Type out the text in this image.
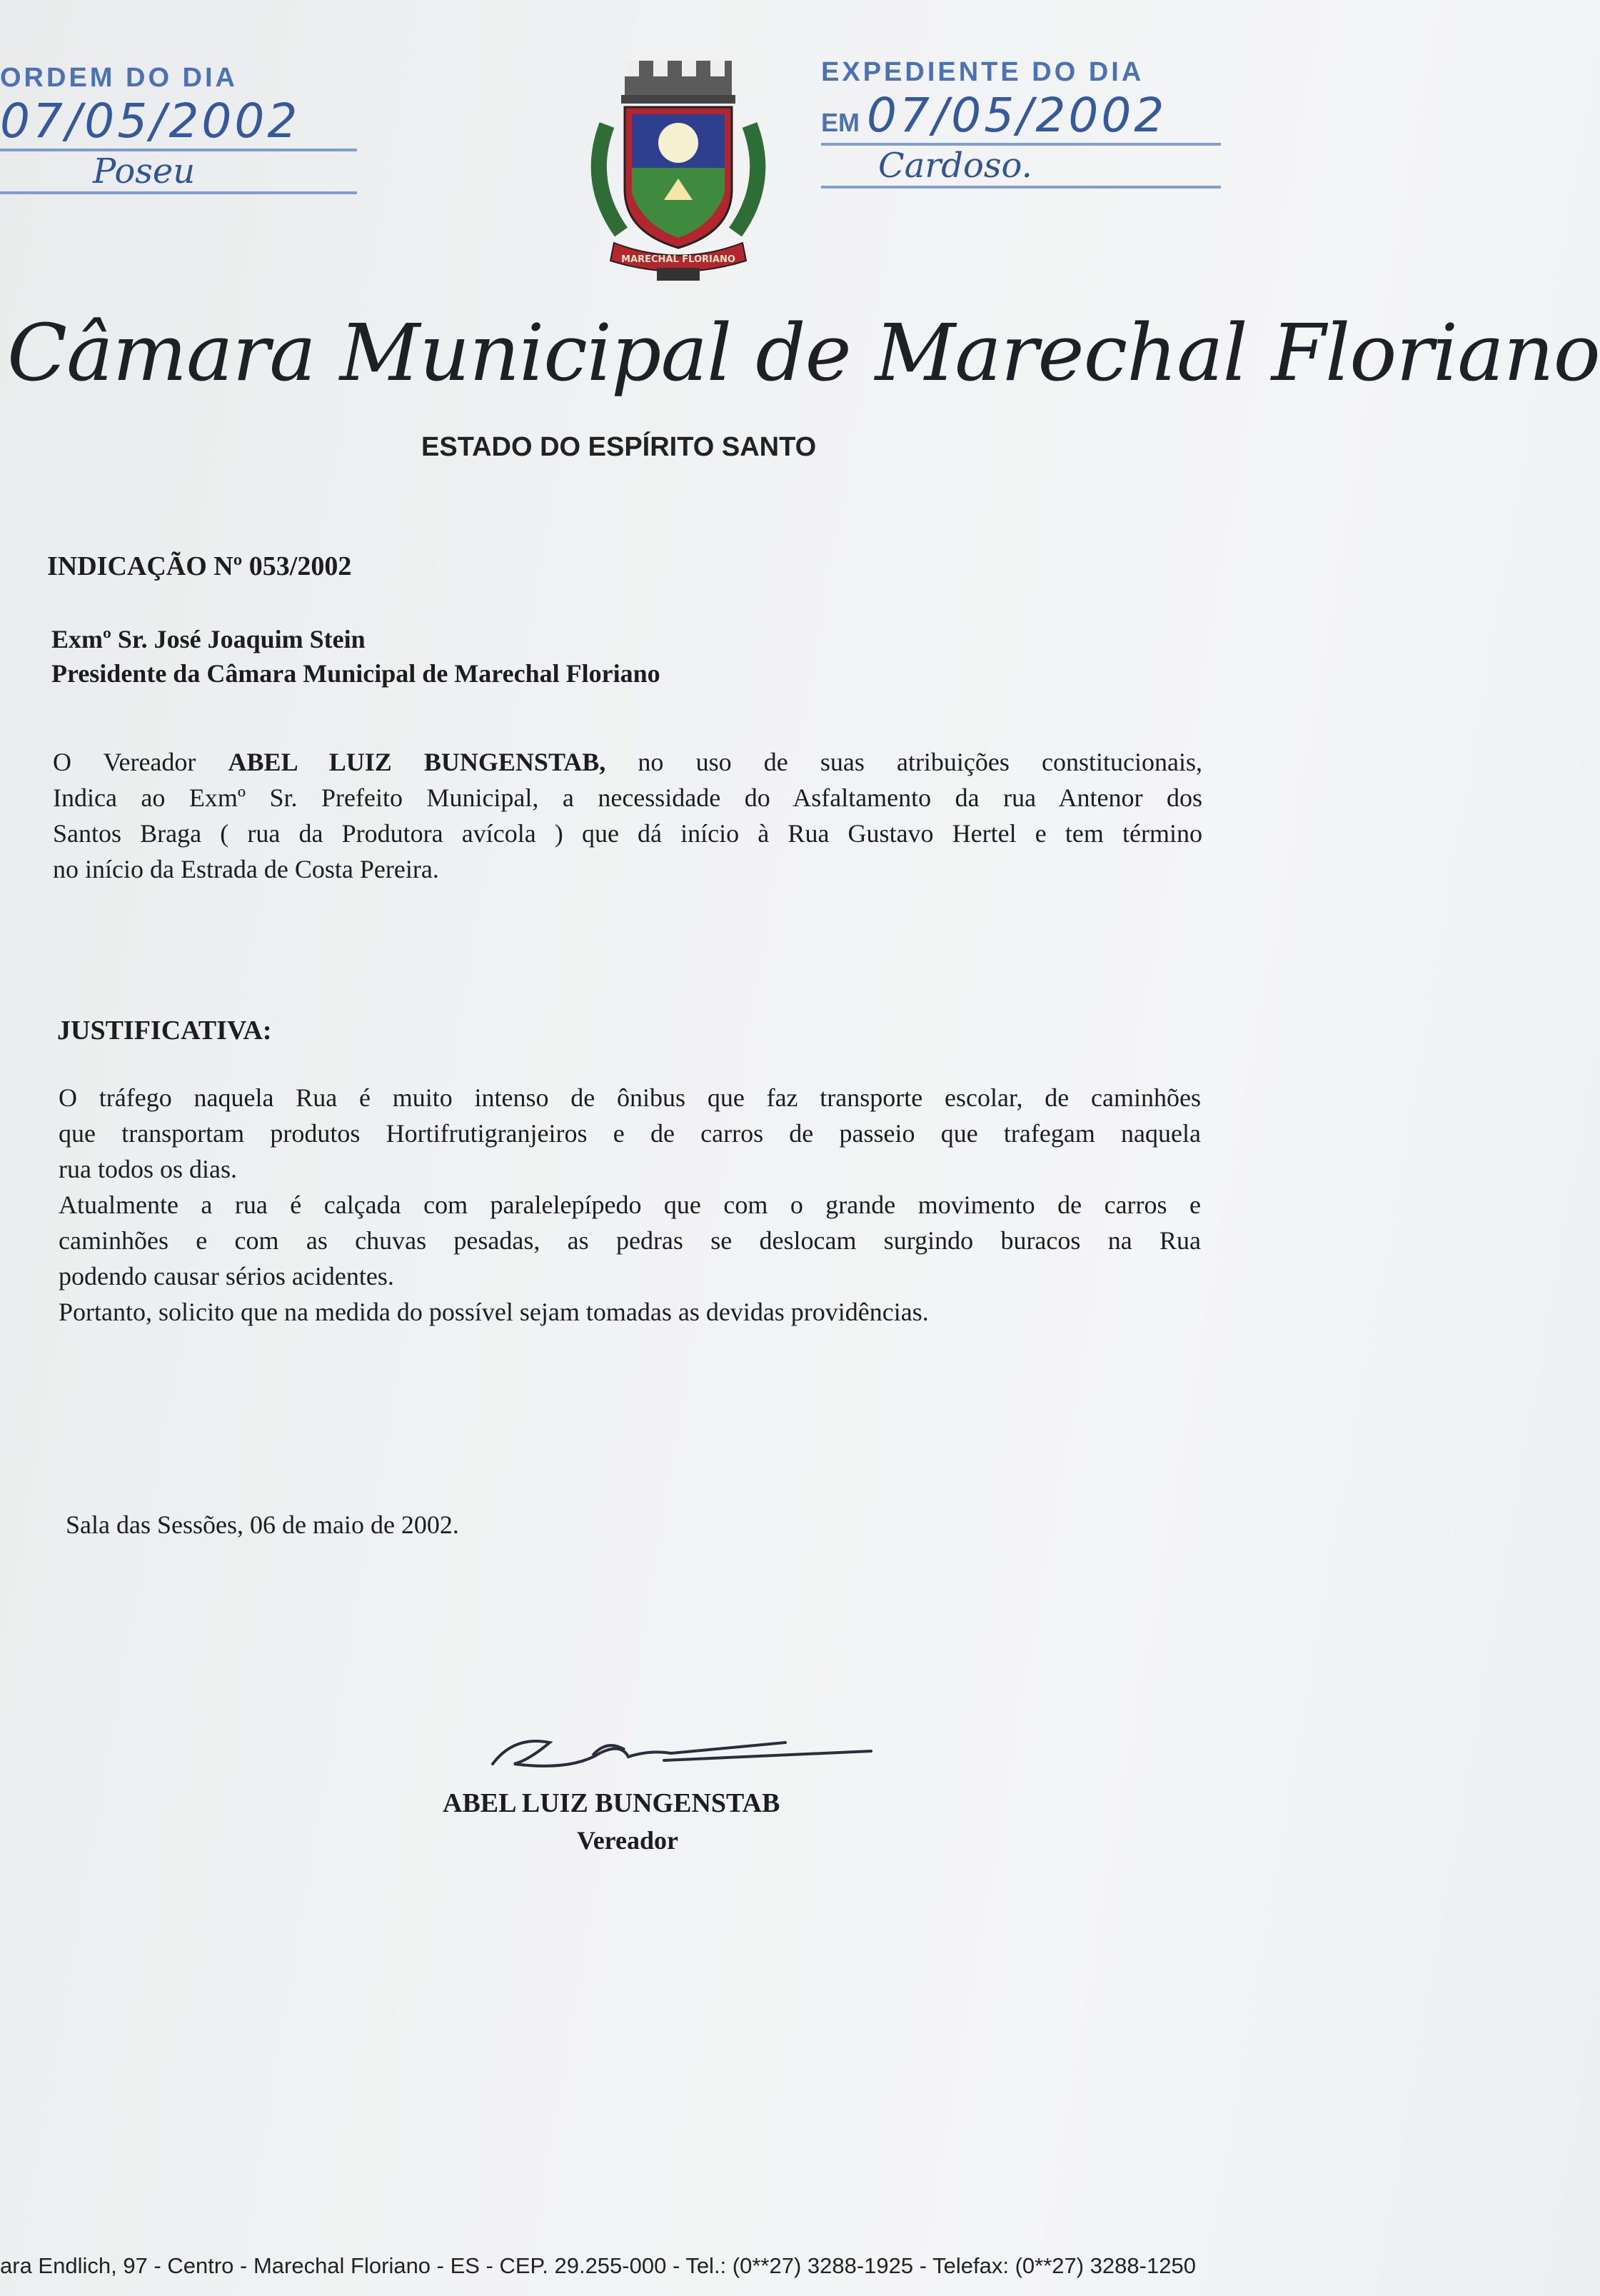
ORDEM DO DIA
07/05/2002
Poseu
MARECHAL FLORIANO
EXPEDIENTE DO DIA
EM 07/05/2002
Cardoso.
Câmara Municipal de Marechal Floriano
ESTADO DO ESPÍRITO SANTO
INDICAÇÃO Nº 053/2002
Exmº Sr. José Joaquim Stein
Presidente da Câmara Municipal de Marechal Floriano
O Vereador ABEL LUIZ BUNGENSTAB, no uso de suas atribuições constitucionais,
Indica ao Exmº Sr. Prefeito Municipal, a necessidade do Asfaltamento da rua Antenor dos
Santos Braga ( rua da Produtora avícola ) que dá início à Rua Gustavo Hertel e tem término
no início da Estrada de Costa Pereira.
JUSTIFICATIVA:
O tráfego naquela Rua é muito intenso de ônibus que faz transporte escolar, de caminhões
que transportam produtos Hortifrutigranjeiros e de carros de passeio que trafegam naquela
rua todos os dias.
Atualmente a rua é calçada com paralelepípedo que com o grande movimento de carros e
caminhões e com as chuvas pesadas, as pedras se deslocam surgindo buracos na Rua
podendo causar sérios acidentes.
Portanto, solicito que na medida do possível sejam tomadas as devidas providências.
Sala das Sessões, 06 de maio de 2002.
ABEL LUIZ BUNGENSTAB
Vereador
ara Endlich, 97 - Centro - Marechal Floriano - ES - CEP. 29.255-000 - Tel.: (0**27) 3288-1925 - Telefax: (0**27) 3288-1250
